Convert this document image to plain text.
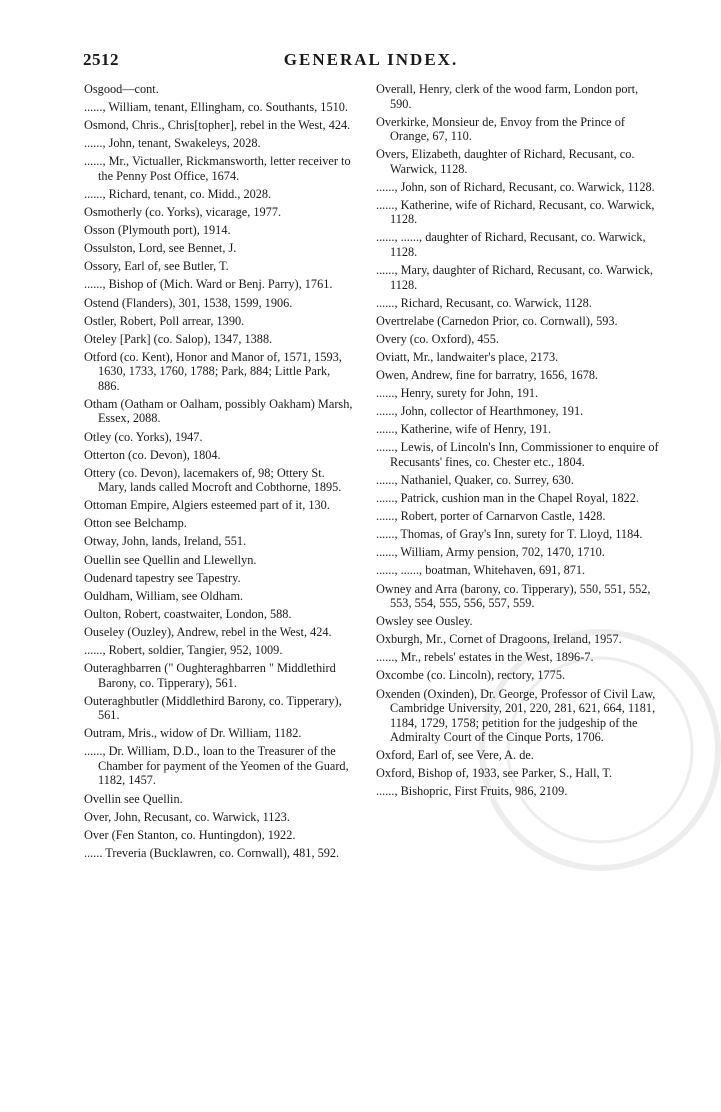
GENERAL INDEX.
2512
Osgood—cont.
......, William, tenant, Ellingham, co. Southants, 1510.
Osmond, Chris., Chris[topher], rebel in the West, 424.
......, John, tenant, Swakeleys, 2028.
......, Mr., Victualler, Rickmansworth, letter receiver to the Penny Post Office, 1674.
......, Richard, tenant, co. Midd., 2028.
Osmotherly (co. Yorks), vicarage, 1977.
Osson (Plymouth port), 1914.
Ossulston, Lord, see Bennet, J.
Ossory, Earl of, see Butler, T.
......, Bishop of (Mich. Ward or Benj. Parry), 1761.
Ostend (Flanders), 301, 1538, 1599, 1906.
Ostler, Robert, Poll arrear, 1390.
Oteley [Park] (co. Salop), 1347, 1388.
Otford (co. Kent), Honor and Manor of, 1571, 1593, 1630, 1733, 1760, 1788; Park, 884; Little Park, 886.
Otham (Oatham or Oalham, possibly Oakham) Marsh, Essex, 2088.
Otley (co. Yorks), 1947.
Otterton (co. Devon), 1804.
Ottery (co. Devon), lacemakers of, 98; Ottery St. Mary, lands called Mocroft and Cobthorne, 1895.
Ottoman Empire, Algiers esteemed part of it, 130.
Otton see Belchamp.
Otway, John, lands, Ireland, 551.
Ouellin see Quellin and Llewellyn.
Oudenard tapestry see Tapestry.
Ouldham, William, see Oldham.
Oulton, Robert, coastwaiter, London, 588.
Ouseley (Ouzley), Andrew, rebel in the West, 424.
......, Robert, soldier, Tangier, 952, 1009.
Outeraghbarren (" Oughteraghbarren " Middlethird Barony, co. Tipperary), 561.
Outeraghbutler (Middlethird Barony, co. Tipperary), 561.
Outram, Mris., widow of Dr. William, 1182.
......, Dr. William, D.D., loan to the Treasurer of the Chamber for payment of the Yeomen of the Guard, 1182, 1457.
Ovellin see Quellin.
Over, John, Recusant, co. Warwick, 1123.
Over (Fen Stanton, co. Huntingdon), 1922.
...... Treveria (Bucklawren, co. Cornwall), 481, 592.
Overall, Henry, clerk of the wood farm, London port, 590.
Overkirke, Monsieur de, Envoy from the Prince of Orange, 67, 110.
Overs, Elizabeth, daughter of Richard, Recusant, co. Warwick, 1128.
......, John, son of Richard, Recusant, co. Warwick, 1128.
......, Katherine, wife of Richard, Recusant, co. Warwick, 1128.
......, ......, daughter of Richard, Recusant, co. Warwick, 1128.
......, Mary, daughter of Richard, Recusant, co. Warwick, 1128.
......, Richard, Recusant, co. Warwick, 1128.
Overtrelabe (Carnedon Prior, co. Cornwall), 593.
Overy (co. Oxford), 455.
Oviatt, Mr., landwaiter's place, 2173.
Owen, Andrew, fine for barratry, 1656, 1678.
......, Henry, surety for John, 191.
......, John, collector of Hearthmoney, 191.
......, Katherine, wife of Henry, 191.
......, Lewis, of Lincoln's Inn, Commissioner to enquire of Recusants' fines, co. Chester etc., 1804.
......, Nathaniel, Quaker, co. Surrey, 630.
......, Patrick, cushion man in the Chapel Royal, 1822.
......, Robert, porter of Carnarvon Castle, 1428.
......, Thomas, of Gray's Inn, surety for T. Lloyd, 1184.
......, William, Army pension, 702, 1470, 1710.
......, ......, boatman, Whitehaven, 691, 871.
Owney and Arra (barony, co. Tipperary), 550, 551, 552, 553, 554, 555, 556, 557, 559.
Owsley see Ousley.
Oxburgh, Mr., Cornet of Dragoons, Ireland, 1957.
......, Mr., rebels' estates in the West, 1896-7.
Oxcombe (co. Lincoln), rectory, 1775.
Oxenden (Oxinden), Dr. George, Professor of Civil Law, Cambridge University, 201, 220, 281, 621, 664, 1181, 1184, 1729, 1758; petition for the judgeship of the Admiralty Court of the Cinque Ports, 1706.
Oxford, Earl of, see Vere, A. de.
Oxford, Bishop of, 1933, see Parker, S., Hall, T.
......, Bishopric, First Fruits, 986, 2109.
